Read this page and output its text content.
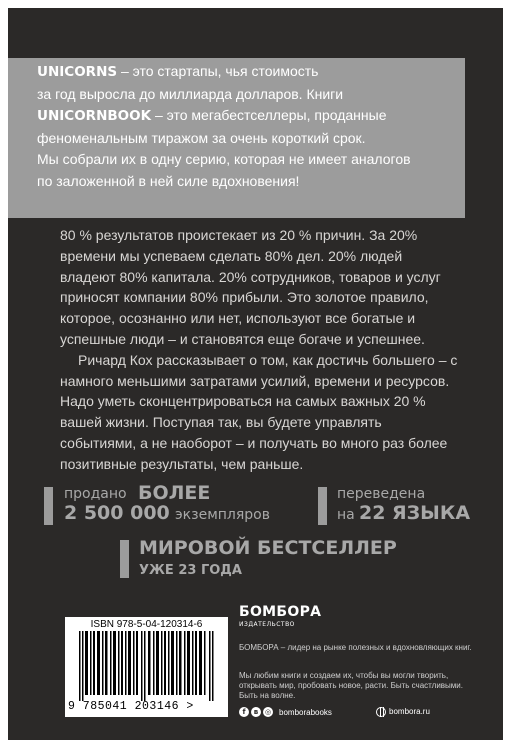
UNICORNS – это стартапы, чья стоимость
за год выросла до миллиарда долларов. Книги
UNICORNBOOK – это мегабестселлеры, проданные
феноменальным тиражом за очень короткий срок.
Мы собрали их в одну серию, которая не имеет аналогов
по заложенной в ней силе вдохновения!

80 % результатов проистекает из 20 % причин. За 20% времени мы успеваем сделать 80% дел. 20% людей владеют 80% капитала. 20% сотрудников, товаров и услуг приносят компании 80% прибыли. Это золотое правило, которое, осознанно или нет, используют все богатые и успешные люди – и становятся еще богаче и успешнее.

Ричард Кох рассказывает о том, как достичь большего – с намного меньшими затратами усилий, времени и ресурсов. Надо уметь сконцентрироваться на самых важных 20 % вашей жизни. Поступая так, вы будете управлять событиями, а не наоборот – и получать во много раз более позитивные результаты, чем раньше.

продано БОЛЕЕ
2 500 000 экземпляров
переведена
на 22 ЯЗЫКА
МИРОВОЙ БЕСТСЕЛЛЕР
УЖЕ 23 ГОДА
ISBN 978-5-04-120314-6
9 785041 203146 >
БОМБОРА
ИЗДАТЕЛЬСТВО
БОМБОРА – лидер на рынке полезных и вдохновляющих книг.
Мы любим книги и создаем их, чтобы вы могли творить, открывать мир, пробовать новое, расти. Быть счастливыми. Быть на волне.
f	в ◎ bomborabooks	bombora.ru
